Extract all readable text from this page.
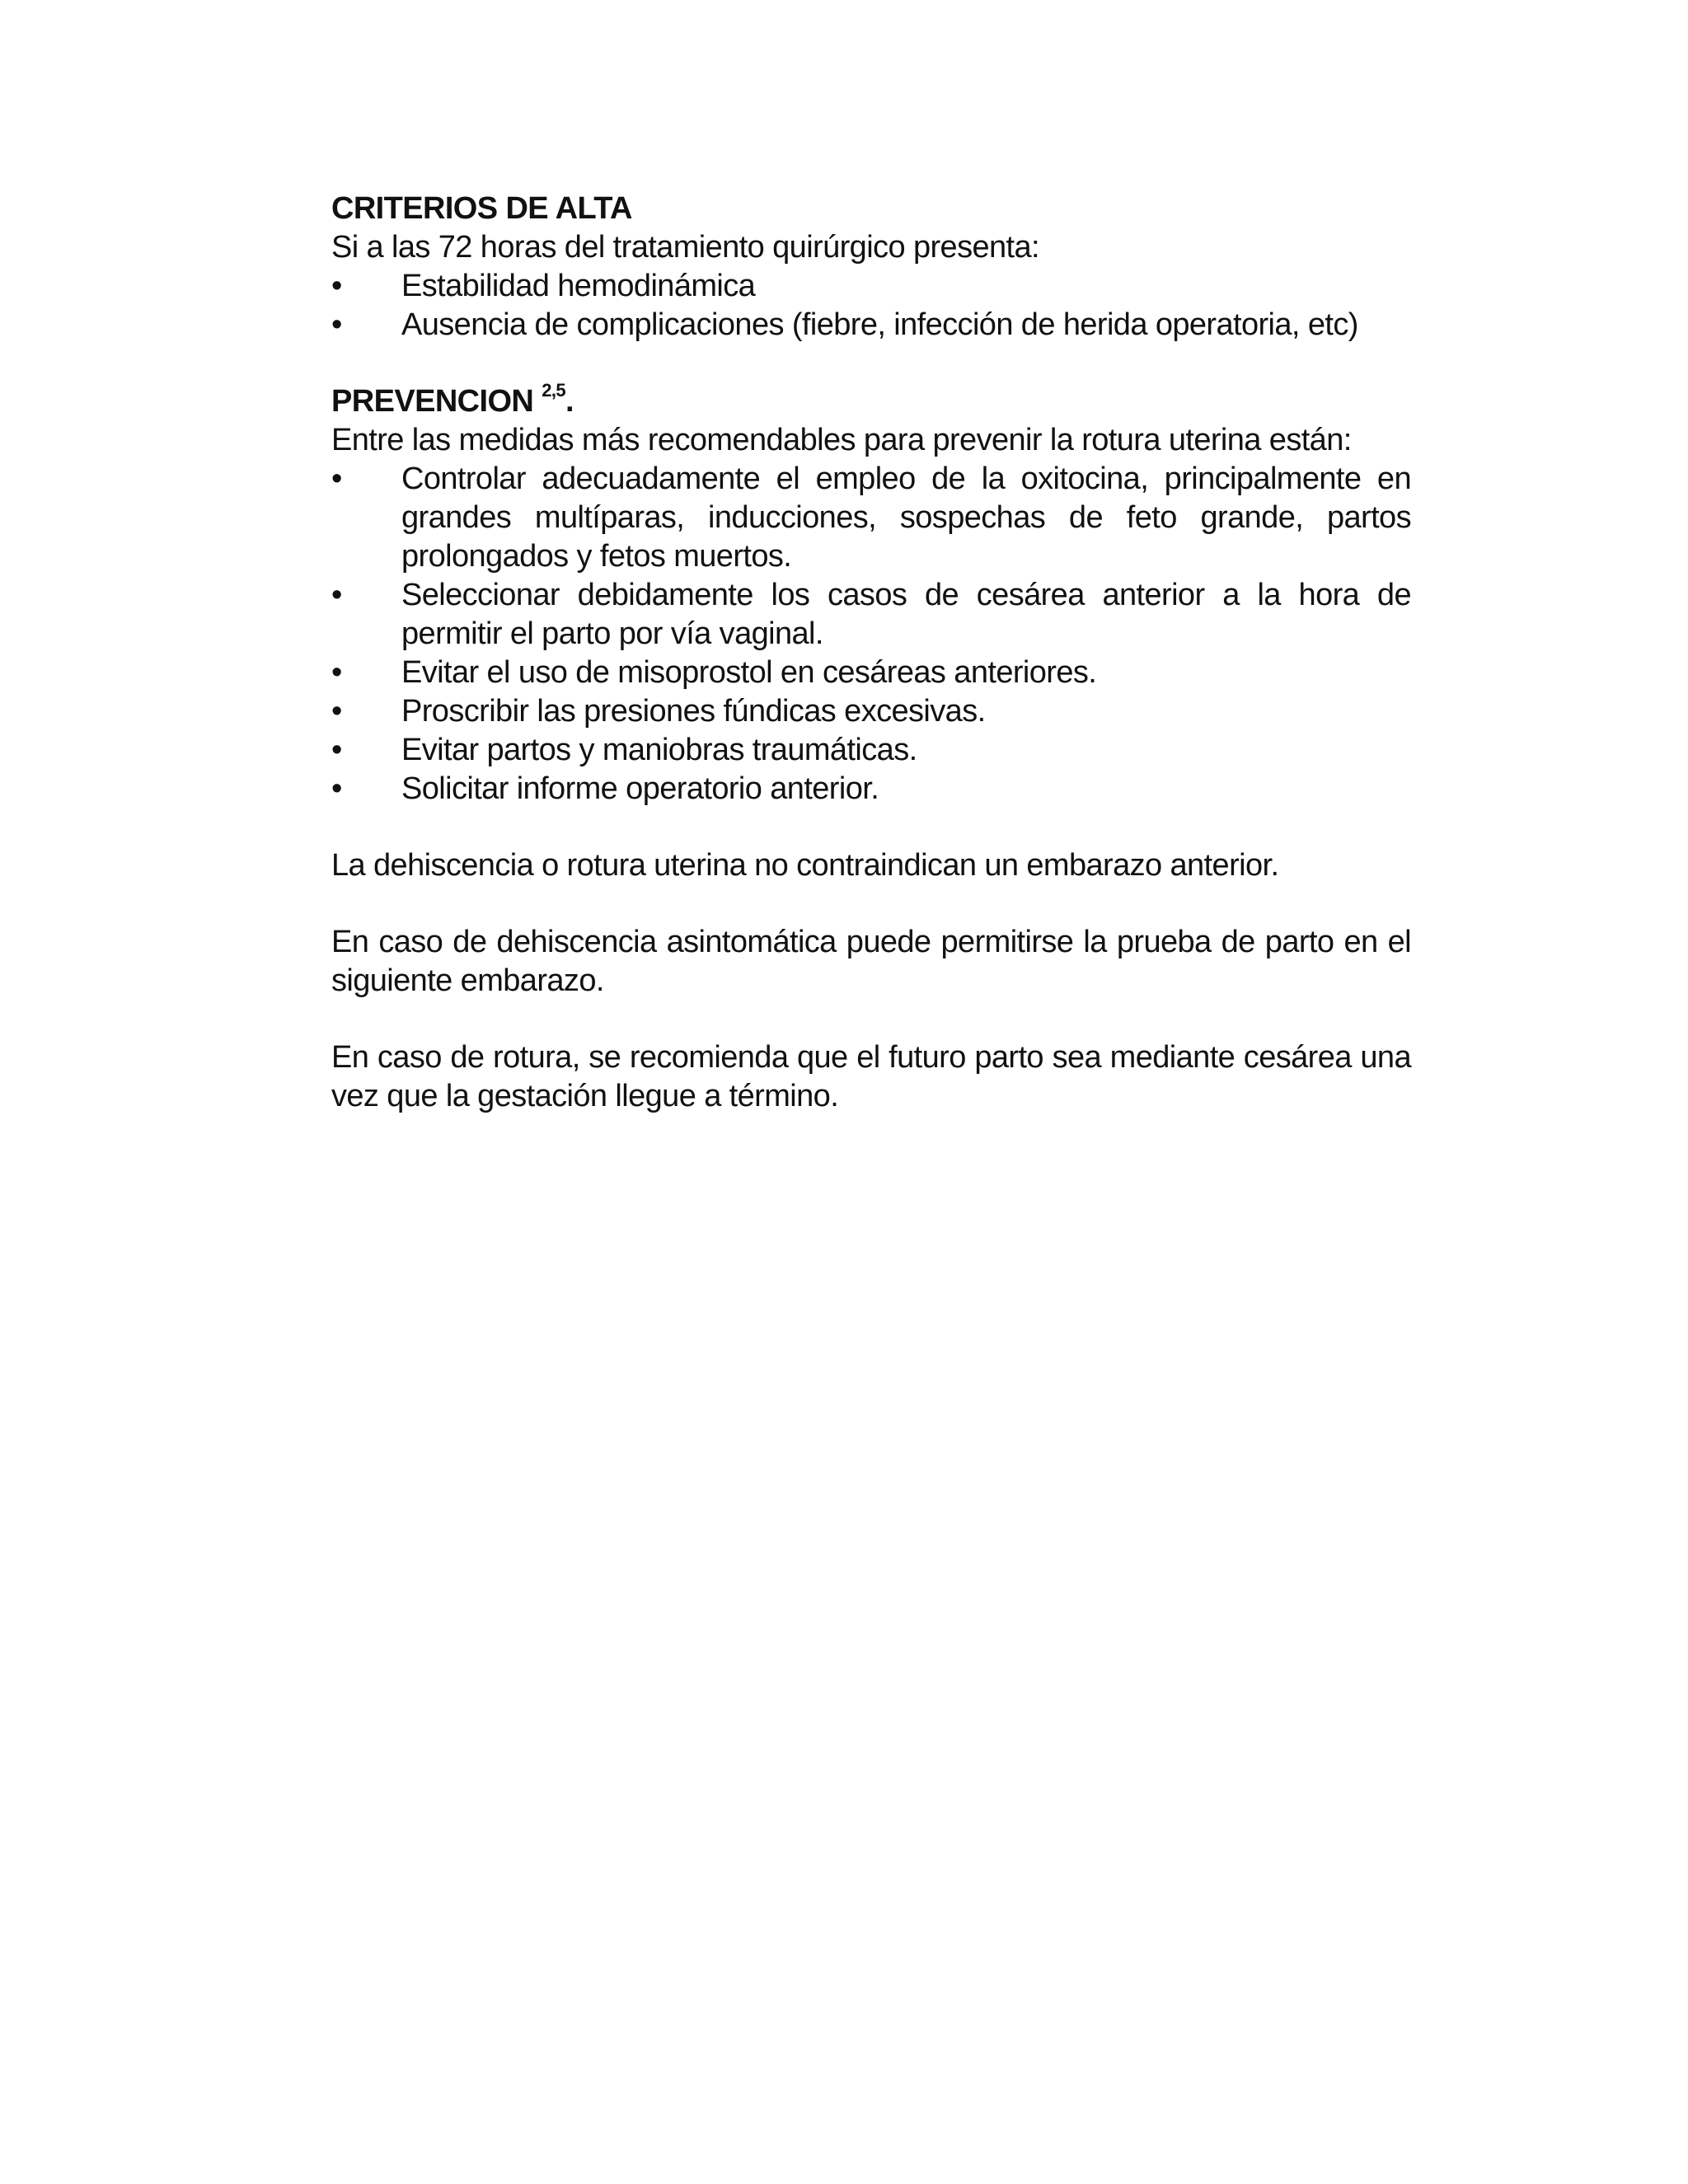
CRITERIOS DE ALTA
Si a las 72 horas del tratamiento quirúrgico presenta:
•	Estabilidad hemodinámica
•	Ausencia de complicaciones (fiebre, infección de herida operatoria, etc)
PREVENCION $^{2,5}$.
Entre las medidas más recomendables para prevenir la rotura uterina están:
•	Controlar adecuadamente el empleo de la oxitocina, principalmente en grandes multíparas, inducciones, sospechas de feto grande, partos prolongados y fetos muertos.
•	Seleccionar debidamente los casos de cesárea anterior a la hora de permitir el parto por vía vaginal.
•	Evitar el uso de misoprostol en cesáreas anteriores.
•	Proscribir las presiones fúndicas excesivas.
•	Evitar partos y maniobras traumáticas.
•	Solicitar informe operatorio anterior.

La dehiscencia o rotura uterina no contraindican un embarazo anterior.

En caso de dehiscencia asintomática puede permitirse la prueba de parto en el siguiente embarazo.

En caso de rotura, se recomienda que el futuro parto sea mediante cesárea una vez que la gestación llegue a término.
